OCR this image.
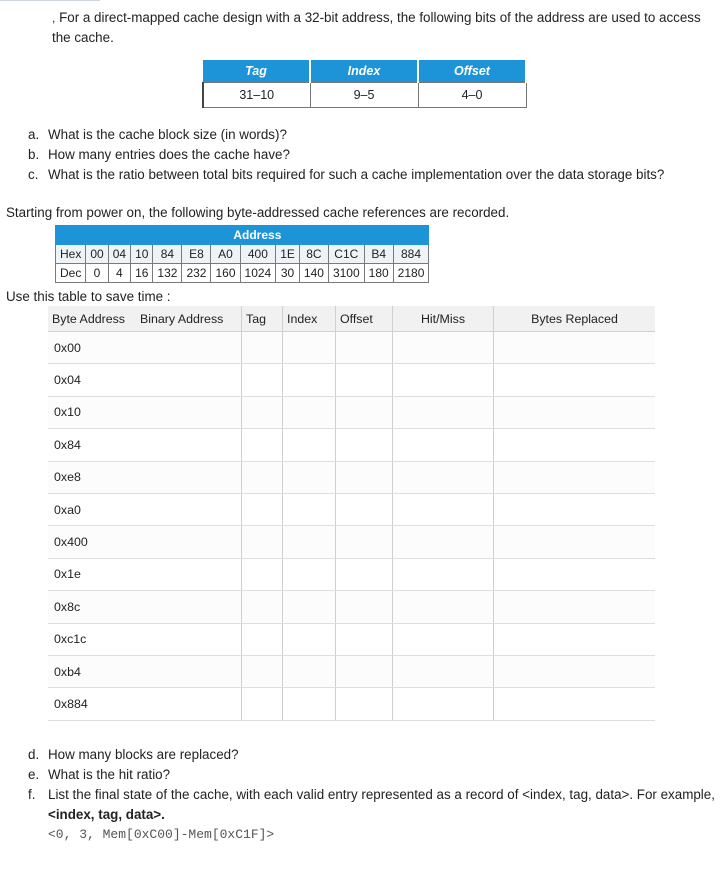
, For a direct-mapped cache design with a 32-bit address, the following bits of the address are used to access the cache.
Tag	Index	Offset
31–10	9–5	4–0
a. What is the cache block size (in words)?
b. How many entries does the cache have?
c. What is the ratio between total bits required for such a cache implementation over the data storage bits?
Starting from power on, the following byte-addressed cache references are recorded.
	Address											
Hex	00	04	10	84	E8	A0	400	1E	8C	C1C	B4	884
Dec	0	4	16	132	232	160	1024	30	140	3100	180	2180
Use this table to save time :
Byte Address	Binary Address	Tag	Index	Offset	Hit/Miss	Bytes Replaced
0x00						
0x04						
0x10						
0x84						
0xe8						
0xa0						
0x400						
0x1e						
0x8c						
0xc1c						
0xb4						
0x884						
d. How many blocks are replaced?
e. What is the hit ratio?
f. List the final state of the cache, with each valid entry represented as a record of <index, tag, data>. For example,
<index, tag, data>.
<0, 3, Mem[0xC00]-Mem[0xC1F]>
